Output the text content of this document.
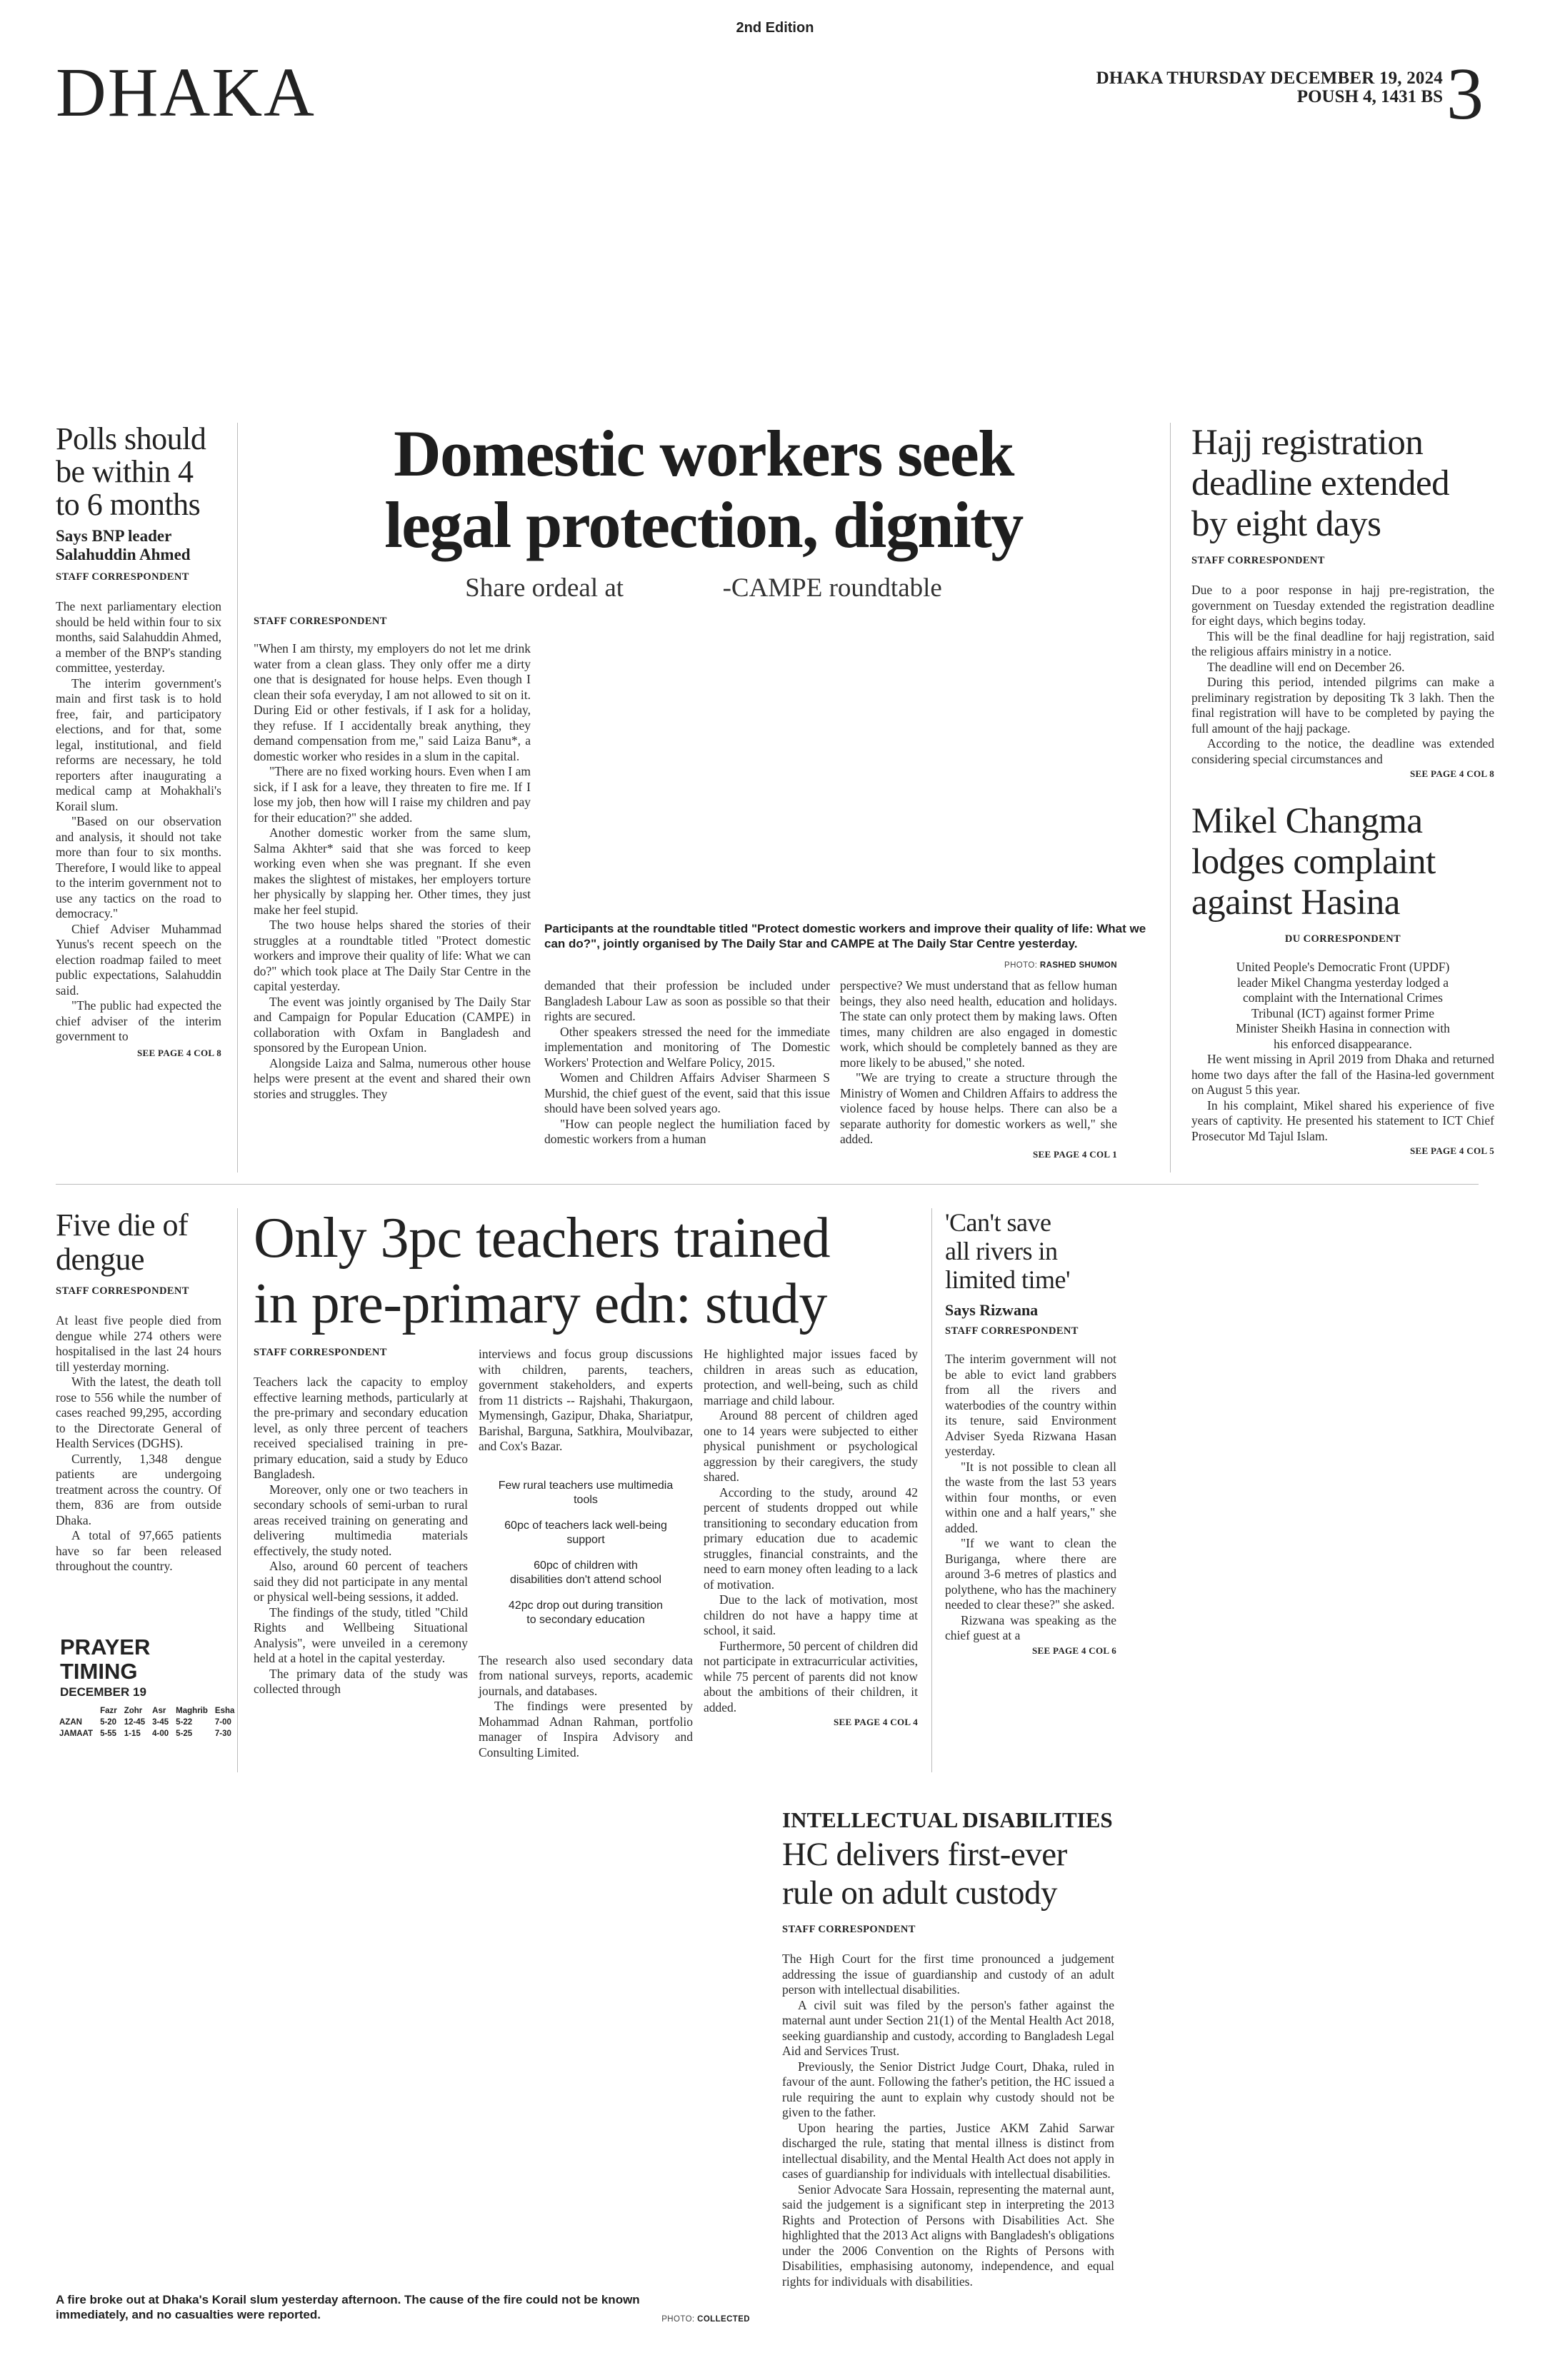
2nd Edition
DHAKA	DHAKA THURSDAY DECEMBER 19, 2024
POUSH 4, 1431 BS 3
Polls should
be within 4
to 6 months
Says BNP leader
Salahuddin Ahmed
STAFF CORRESPONDENT

The next parliamentary election should be held within four to six months, said Salahuddin Ahmed, a member of the BNP's standing committee, yesterday.

The interim government's main and first task is to hold free, fair, and participatory elections, and for that, some legal, institutional, and field reforms are necessary, he told reporters after inaugurating a medical camp at Mohakhali's Korail slum.

"Based on our observation and analysis, it should not take more than four to six months. Therefore, I would like to appeal to the interim government not to use any tactics on the road to democracy."

Chief Adviser Muhammad Yunus's recent speech on the election roadmap failed to meet public expectations, Salahuddin said.

"The public had expected the chief adviser of the interim government to

SEE PAGE 4 COL 8
Domestic workers seek
legal protection, dignity
Share ordeal at	-CAMPE roundtable
STAFF CORRESPONDENT

"When I am thirsty, my employers do not let me drink water from a clean glass. They only offer me a dirty one that is designated for house helps. Even though I clean their sofa everyday, I am not allowed to sit on it. During Eid or other festivals, if I ask for a holiday, they refuse. If I accidentally break anything, they demand compensation from me," said Laiza Banu*, a domestic worker who resides in a slum in the capital.

"There are no fixed working hours. Even when I am sick, if I ask for a leave, they threaten to fire me. If I lose my job, then how will I raise my children and pay for their education?" she added.

Another domestic worker from the same slum, Salma Akhter* said that she was forced to keep working even when she was pregnant. If she even makes the slightest of mistakes, her employers torture her physically by slapping her. Other times, they just make her feel stupid.

The two house helps shared the stories of their struggles at a roundtable titled "Protect domestic workers and improve their quality of life: What we can do?" which took place at The Daily Star Centre in the capital yesterday.

The event was jointly organised by The Daily Star and Campaign for Popular Education (CAMPE) in collaboration with Oxfam in Bangladesh and sponsored by the European Union.

Alongside Laiza and Salma, numerous other house helps were present at the event and shared their own stories and struggles. They

Participants at the roundtable titled "Protect domestic workers and improve their quality of life: What we can do?", jointly organised by The Daily Star and CAMPE at The Daily Star Centre yesterday.
PHOTO: RASHED SHUMON

demanded that their profession be included under Bangladesh Labour Law as soon as possible so that their rights are secured.

Other speakers stressed the need for the immediate implementation and monitoring of The Domestic Workers' Protection and Welfare Policy, 2015.

Women and Children Affairs Adviser Sharmeen S Murshid, the chief guest of the event, said that this issue should have been solved years ago.

"How can people neglect the humiliation faced by domestic workers from a human

perspective? We must understand that as fellow human beings, they also need health, education and holidays. The state can only protect them by making laws. Often times, many children are also engaged in domestic work, which should be completely banned as they are more likely to be abused," she noted.

"We are trying to create a structure through the Ministry of Women and Children Affairs to address the violence faced by house helps. There can also be a separate authority for domestic workers as well," she added.

SEE PAGE 4 COL 1
Hajj registration
deadline extended
by eight days
STAFF CORRESPONDENT

Due to a poor response in hajj pre-registration, the government on Tuesday extended the registration deadline for eight days, which begins today.

This will be the final deadline for hajj registration, said the religious affairs ministry in a notice.

The deadline will end on December 26.

During this period, intended pilgrims can make a preliminary registration by depositing Tk 3 lakh. Then the final registration will have to be completed by paying the full amount of the hajj package.

According to the notice, the deadline was extended considering special circumstances and

SEE PAGE 4 COL 8
Mikel Changma
lodges complaint
against Hasina
DU CORRESPONDENT

United People's Democratic Front (UPDF) leader Mikel Changma yesterday lodged a complaint with the International Crimes Tribunal (ICT) against former Prime Minister Sheikh Hasina in connection with his enforced disappearance.

He went missing in April 2019 from Dhaka and returned home two days after the fall of the Hasina-led government on August 5 this year.

In his complaint, Mikel shared his experience of five years of captivity. He presented his statement to ICT Chief Prosecutor Md Tajul Islam.

SEE PAGE 4 COL 5
Five die of
dengue
STAFF CORRESPONDENT

At least five people died from dengue while 274 others were hospitalised in the last 24 hours till yesterday morning.

With the latest, the death toll rose to 556 while the number of cases reached 99,295, according to the Directorate General of Health Services (DGHS).

Currently, 1,348 dengue patients are undergoing treatment across the country. Of them, 836 are from outside Dhaka.

A total of 97,665 patients have so far been released throughout the country.

PRAYER
TIMING
DECEMBER 19
	Fazr	Zohr	Asr	Maghrib	Esha
AZAN	5-20	12-45	3-45	5-22	7-00
JAMAAT	5-55	1-15	4-00	5-25	7-30
Only 3pc teachers trained
in pre-primary edn: study
STAFF CORRESPONDENT

Teachers lack the capacity to employ effective learning methods, particularly at the pre-primary and secondary education level, as only three percent of teachers received specialised training in pre-primary education, said a study by Educo Bangladesh.

Moreover, only one or two teachers in secondary schools of semi-urban to rural areas received training on generating and delivering multimedia materials effectively, the study noted.

Also, around 60 percent of teachers said they did not participate in any mental or physical well-being sessions, it added.

The findings of the study, titled "Child Rights and Wellbeing Situational Analysis", were unveiled in a ceremony held at a hotel in the capital yesterday.

The primary data of the study was collected through

interviews and focus group discussions with children, parents, teachers, government stakeholders, and experts from 11 districts -- Rajshahi, Thakurgaon, Mymensingh, Gazipur, Dhaka, Shariatpur, Barishal, Barguna, Satkhira, Moulvibazar, and Cox's Bazar.

Few rural teachers use multimedia tools
60pc of teachers lack well-being support
60pc of children with disabilities don't attend school
42pc drop out during transition to secondary education

The research also used secondary data from national surveys, reports, academic journals, and databases.

The findings were presented by Mohammad Adnan Rahman, portfolio manager of Inspira Advisory and Consulting Limited.

He highlighted major issues faced by children in areas such as education, protection, and well-being, such as child marriage and child labour.

Around 88 percent of children aged one to 14 years were subjected to either physical punishment or psychological aggression by their caregivers, the study shared.

According to the study, around 42 percent of students dropped out while transitioning to secondary education from primary education due to academic struggles, financial constraints, and the need to earn money often leading to a lack of motivation.

Due to the lack of motivation, most children do not have a happy time at school, it said.

Furthermore, 50 percent of children did not participate in extracurricular activities, while 75 percent of parents did not know about the ambitions of their children, it added.

SEE PAGE 4 COL 4
'Can't save
all rivers in
limited time'
Says Rizwana
STAFF CORRESPONDENT

The interim government will not be able to evict land grabbers from all the rivers and waterbodies of the country within its tenure, said Environment Adviser Syeda Rizwana Hasan yesterday.

"It is not possible to clean all the waste from the last 53 years within four months, or even within one and a half years," she added.

"If we want to clean the Buriganga, where there are around 3-6 metres of plastics and polythene, who has the machinery needed to clear these?" she asked.

Rizwana was speaking as the chief guest at a

SEE PAGE 4 COL 6
A fire broke out at Dhaka's Korail slum yesterday afternoon. The cause of the fire could not be known immediately, and no casualties were reported.	PHOTO: COLLECTED
INTELLECTUAL DISABILITIES
HC delivers first-ever
rule on adult custody
STAFF CORRESPONDENT

The High Court for the first time pronounced a judgement addressing the issue of guardianship and custody of an adult person with intellectual disabilities.

A civil suit was filed by the person's father against the maternal aunt under Section 21(1) of the Mental Health Act 2018, seeking guardianship and custody, according to Bangladesh Legal Aid and Services Trust.

Previously, the Senior District Judge Court, Dhaka, ruled in favour of the aunt. Following the father's petition, the HC issued a rule requiring the aunt to explain why custody should not be given to the father.

Upon hearing the parties, Justice AKM Zahid Sarwar discharged the rule, stating that mental illness is distinct from intellectual disability, and the Mental Health Act does not apply in cases of guardianship for individuals with intellectual disabilities.

Senior Advocate Sara Hossain, representing the maternal aunt, said the judgement is a significant step in interpreting the 2013 Rights and Protection of Persons with Disabilities Act. She highlighted that the 2013 Act aligns with Bangladesh's obligations under the 2006 Convention on the Rights of Persons with Disabilities, emphasising autonomy, independence, and equal rights for individuals with disabilities.
